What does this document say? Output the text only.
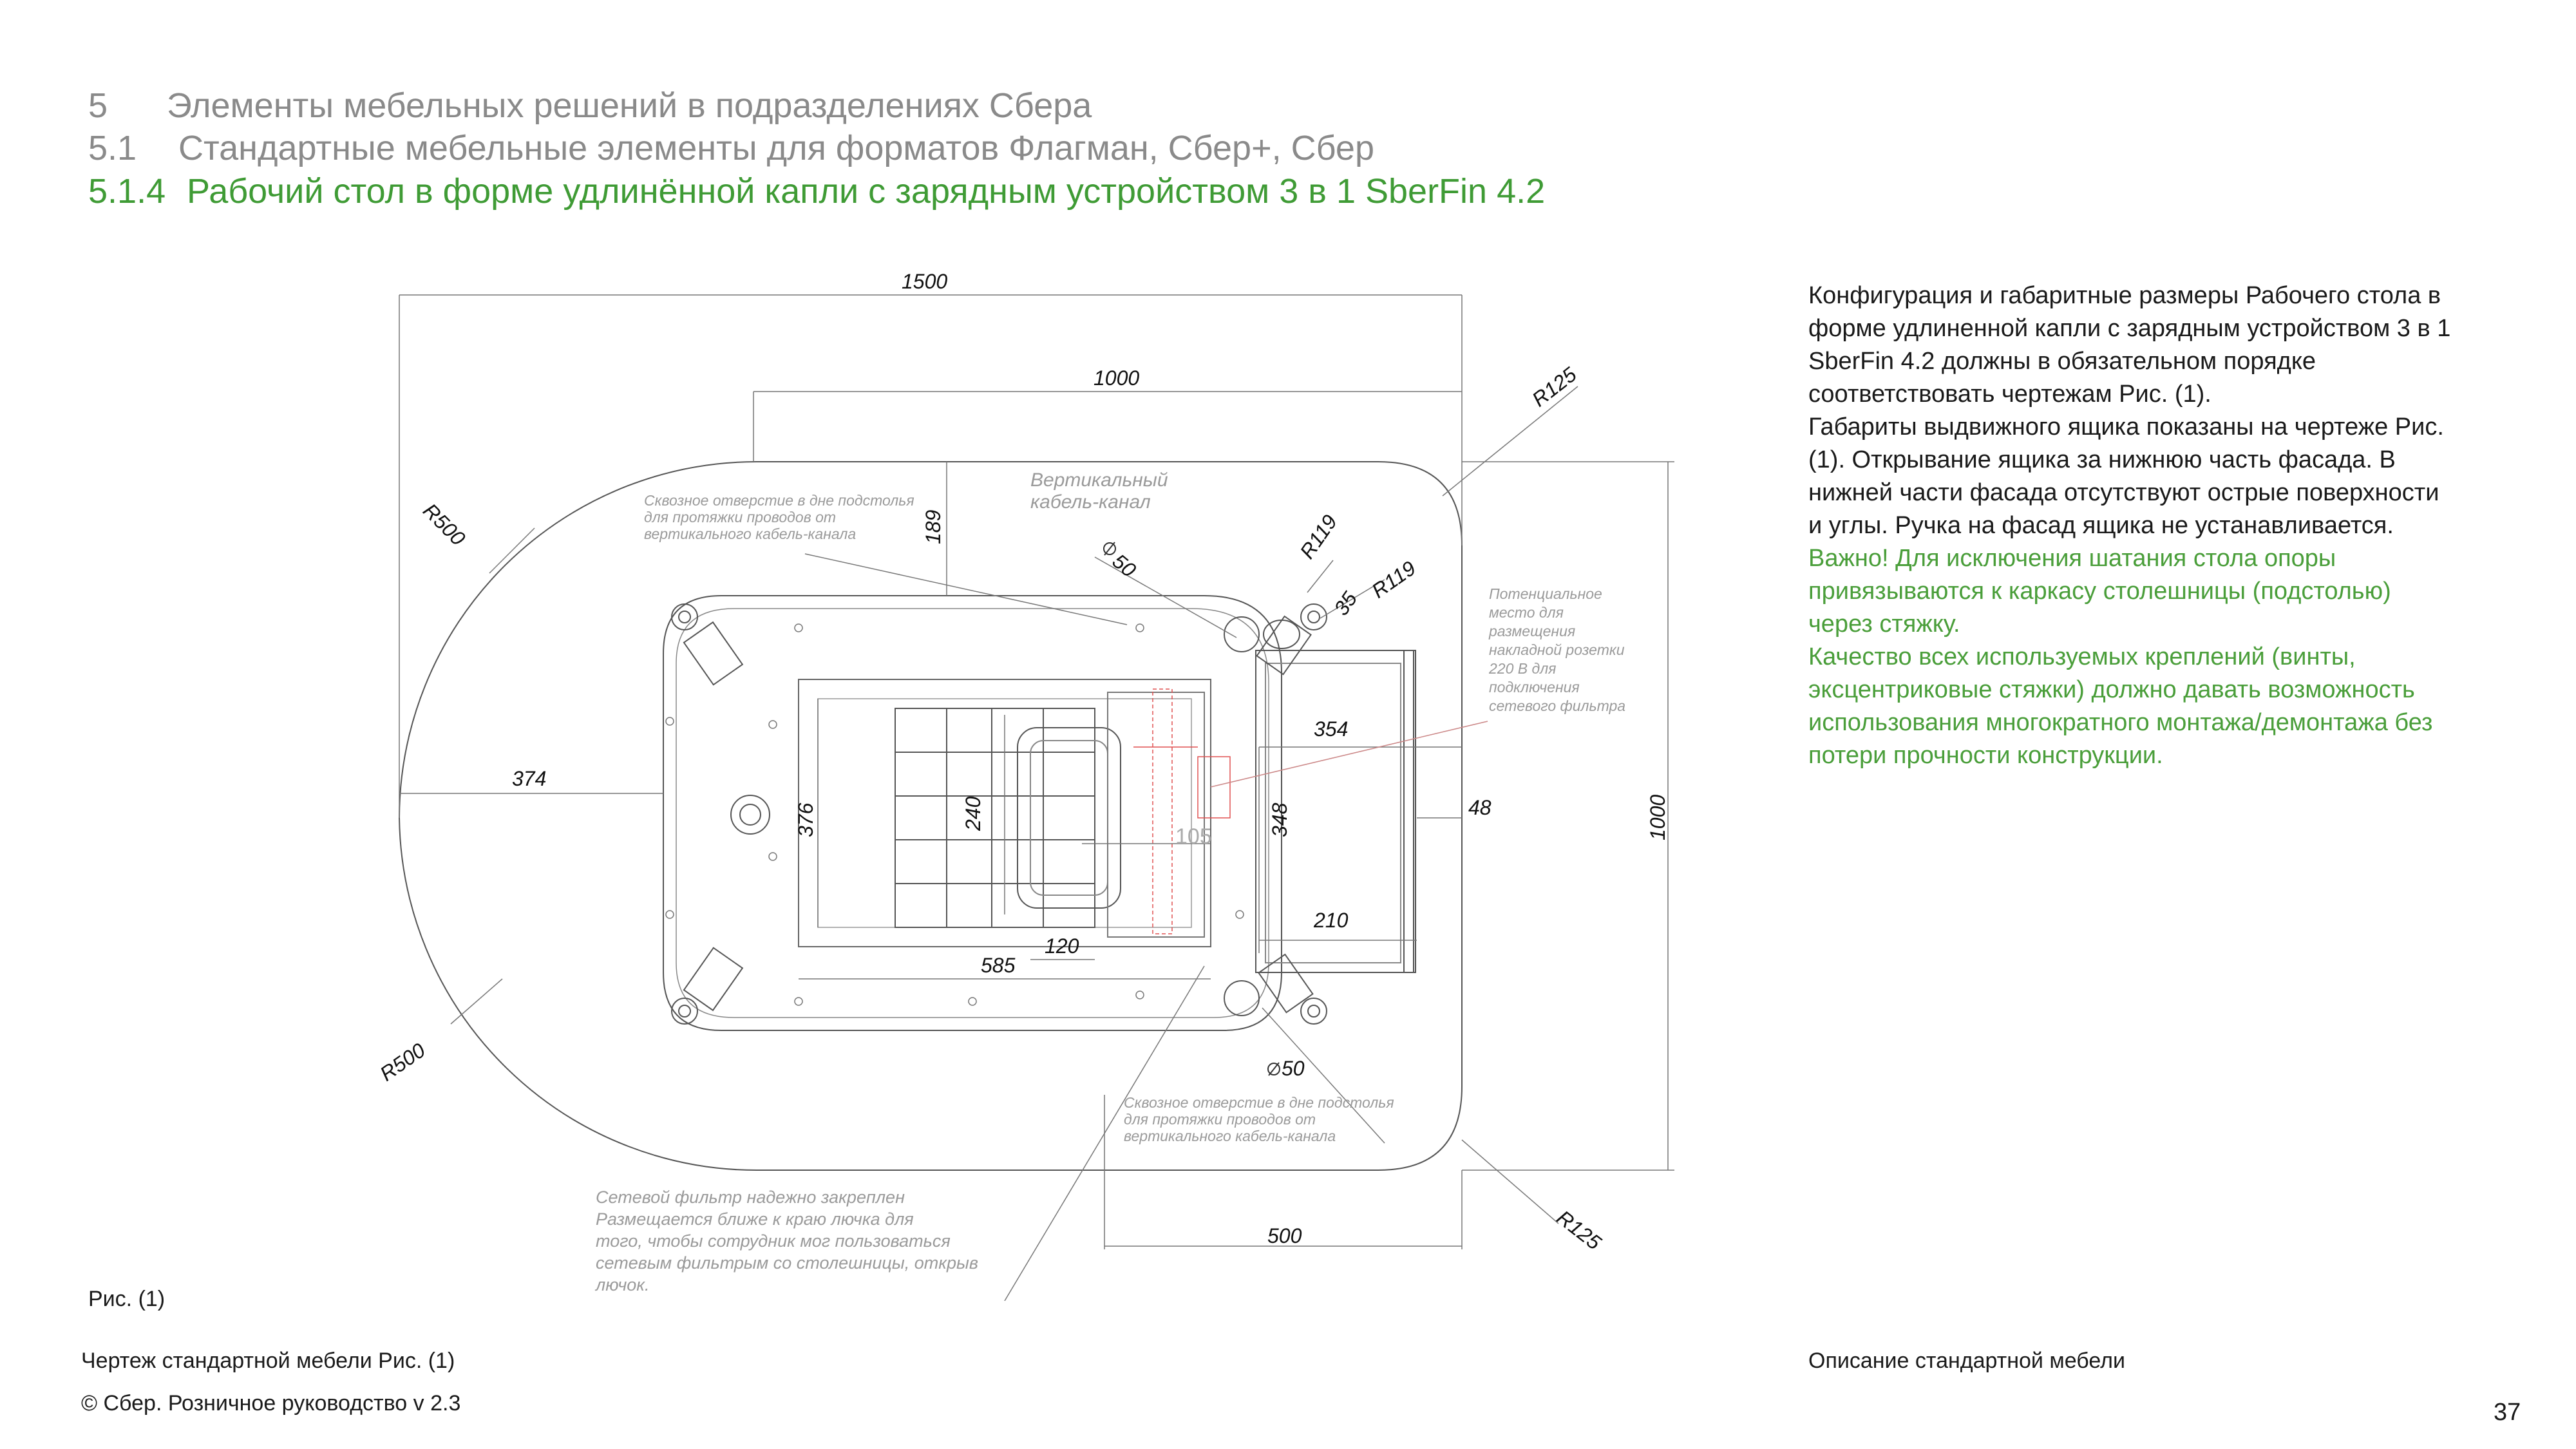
5 Элементы мебельных решений в подразделениях Сбера
5.1 Стандартные мебельные элементы для форматов Флагман, Сбер+, Сбер
5.1.4 Рабочий стол в форме удлинённой капли с зарядным устройством 3 в 1 SberFin 4.2
1500
1000
189
50
R119
35
R119
R125
R500
354
374
376	240
105	348	48	1000
210
120
585
50
R500
500	R125
Вертикальный кабель-канал
Сквозное отверстие в дне подстолья для протяжки проводов от вертикального кабель-канала
Потенциальное место для размещения накладной розетки 220 В для подключения сетевого фильтра
Сквозное отверстие в дне подстолья для протяжки проводов от вертикального кабель-канала
Сетевой фильтр надежно закреплен Размещается ближе к краю лючка для того, чтобы сотрудник мог пользоваться сетевым фильтрым со столешницы, открыв лючок.

Конфигурация и габаритные размеры Рабочего стола в форме удлиненной капли с зарядным устройством 3 в 1 SberFin 4.2 должны в обязательном порядке соответствовать чертежам Рис. (1).

Габариты выдвижного ящика показаны на чертеже Рис. (1). Открывание ящика за нижнюю часть фасада. В нижней части фасада отсутствуют острые поверхности и углы. Ручка на фасад ящика не устанавливается.

Важно! Для исключения шатания стола опоры привязываются к каркасу столешницы (подстолью) через стяжку.

Качество всех используемых креплений (винты, эксцентриковые стяжки) должно давать возможность использования многократного монтажа/демонтажа без потери прочности конструкции.

Рис. (1)
Чертеж стандартной мебели Рис. (1)	Описание стандартной мебели
© Сбер. Розничное руководство v 2.3	37
